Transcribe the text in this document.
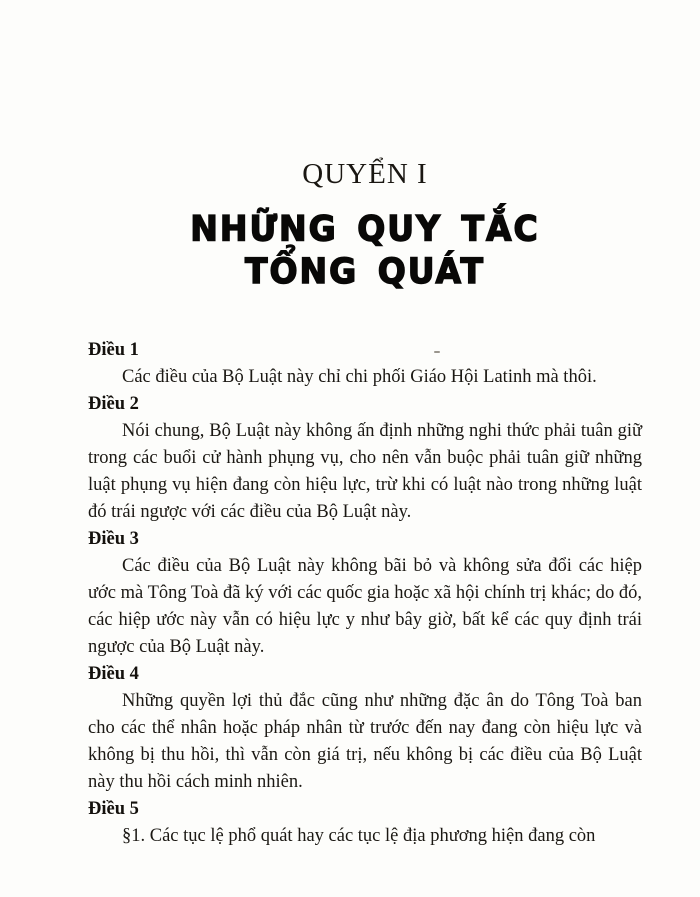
QUYỂN I
NHỮNG QUY TẮC
TỔNG QUÁT
Điều 1

Các điều của Bộ Luật này chỉ chi phối Giáo Hội Latinh mà thôi.

Điều 2

Nói chung, Bộ Luật này không ấn định những nghi thức phải tuân giữ trong các buổi cử hành phụng vụ, cho nên vẫn buộc phải tuân giữ những luật phụng vụ hiện đang còn hiệu lực, trừ khi có luật nào trong những luật đó trái ngược với các điều của Bộ Luật này.

Điều 3

Các điều của Bộ Luật này không bãi bỏ và không sửa đổi các hiệp ước mà Tông Toà đã ký với các quốc gia hoặc xã hội chính trị khác; do đó, các hiệp ước này vẫn có hiệu lực y như bây giờ, bất kể các quy định trái ngược của Bộ Luật này.

Điều 4

Những quyền lợi thủ đắc cũng như những đặc ân do Tông Toà ban cho các thể nhân hoặc pháp nhân từ trước đến nay đang còn hiệu lực và không bị thu hồi, thì vẫn còn giá trị, nếu không bị các điều của Bộ Luật này thu hồi cách minh nhiên.

Điều 5

§1. Các tục lệ phổ quát hay các tục lệ địa phương hiện đang còn
